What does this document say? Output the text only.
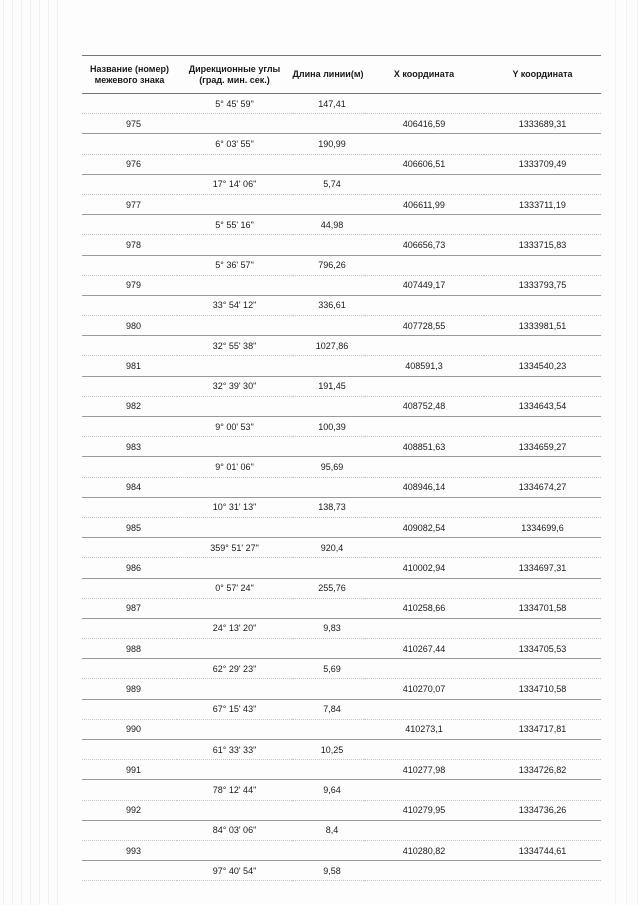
Название (номер) межевого знака	Дирекционные углы (град. мин. сек.)	Длина линии(м)	X координата	Y координата
	5° 45' 59"	147,41		
975			406416,59	1333689,31
	6° 03' 55"	190,99		
976			406606,51	1333709,49
	17° 14' 06"	5,74		
977			406611,99	1333711,19
	5° 55' 16"	44,98		
978			406656,73	1333715,83
	5° 36' 57"	796,26		
979			407449,17	1333793,75
	33° 54' 12"	336,61		
980			407728,55	1333981,51
	32° 55' 38"	1027,86		
981			408591,3	1334540,23
	32° 39' 30"	191,45		
982			408752,48	1334643,54
	9° 00' 53"	100,39		
983			408851,63	1334659,27
	9° 01' 06"	95,69		
984			408946,14	1334674,27
	10° 31' 13"	138,73		
985			409082,54	1334699,6
	359° 51' 27"	920,4		
986			410002,94	1334697,31
	0° 57' 24"	255,76		
987			410258,66	1334701,58
	24° 13' 20"	9,83		
988			410267,44	1334705,53
	62° 29' 23"	5,69		
989			410270,07	1334710,58
	67° 15' 43"	7,84		
990			410273,1	1334717,81
	61° 33' 33"	10,25		
991			410277,98	1334726,82
	78° 12' 44"	9,64		
992			410279,95	1334736,26
	84° 03' 06"	8,4		
993			410280,82	1334744,61
	97° 40' 54"	9,58		
